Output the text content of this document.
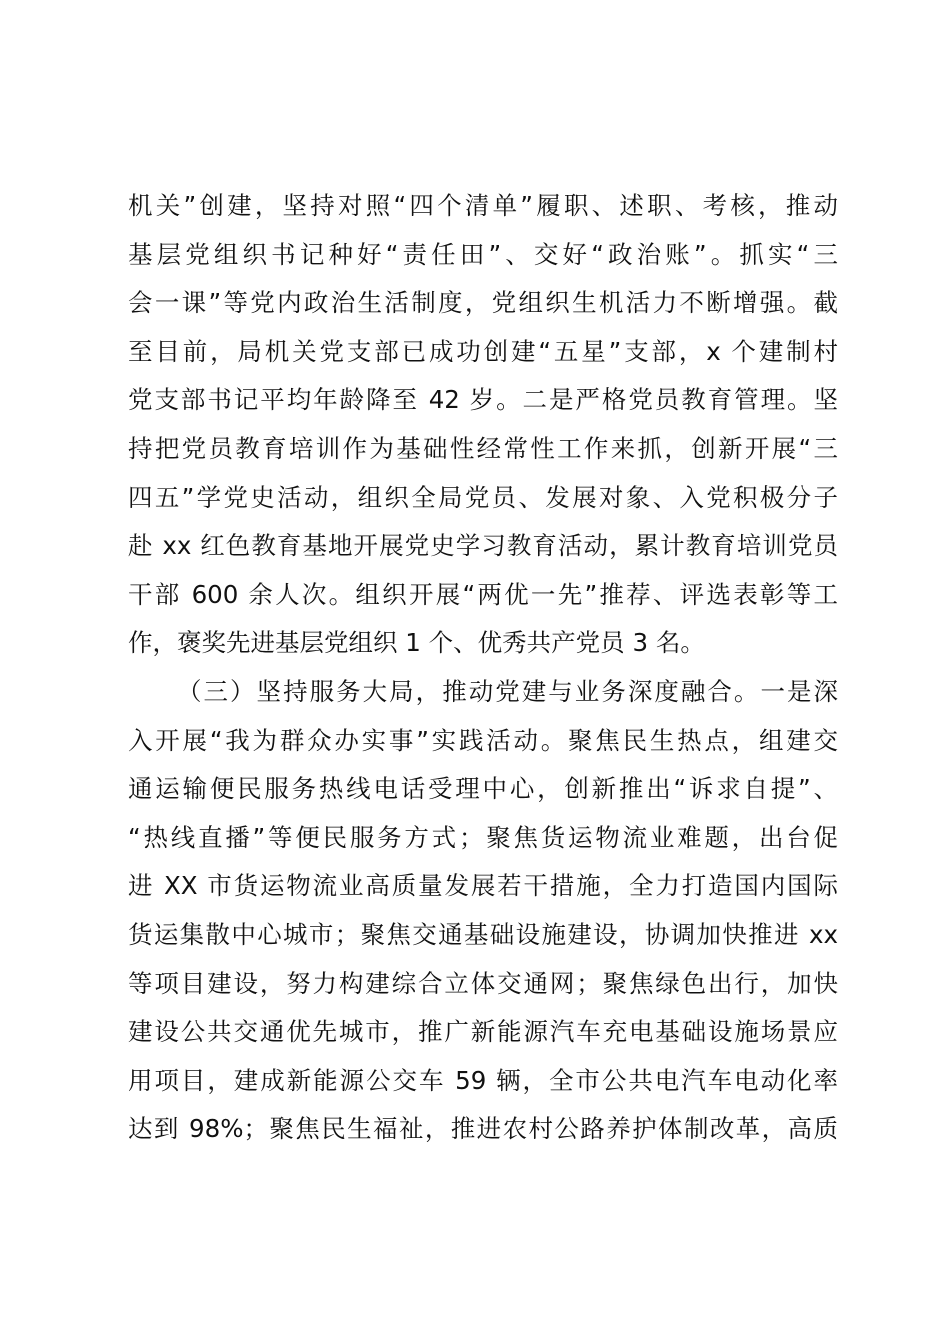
机关”创建，坚持对照“四个清单”履职、述职、考核，推动
基层党组织书记种好“责任田”、交好“政治账”。抓实“三
会一课”等党内政治生活制度，党组织生机活力不断增强。截
至目前，局机关党支部已成功创建“五星”支部，x 个建制村
党支部书记平均年龄降至 42 岁。二是严格党员教育管理。坚
持把党员教育培训作为基础性经常性工作来抓，创新开展“三
四五”学党史活动，组织全局党员、发展对象、入党积极分子
赴 xx 红色教育基地开展党史学习教育活动，累计教育培训党员
干部 600 余人次。组织开展“两优一先”推荐、评选表彰等工
作，褒奖先进基层党组织 1 个、优秀共产党员 3 名。
（三）坚持服务大局，推动党建与业务深度融合。一是深
入开展“我为群众办实事”实践活动。聚焦民生热点，组建交
通运输便民服务热线电话受理中心，创新推出“诉求自提”、
“热线直播”等便民服务方式；聚焦货运物流业难题，出台促
进 XX 市货运物流业高质量发展若干措施，全力打造国内国际
货运集散中心城市；聚焦交通基础设施建设，协调加快推进 xx
等项目建设，努力构建综合立体交通网；聚焦绿色出行，加快
建设公共交通优先城市，推广新能源汽车充电基础设施场景应
用项目，建成新能源公交车 59 辆，全市公共电汽车电动化率
达到 98%；聚焦民生福祉，推进农村公路养护体制改革，高质
